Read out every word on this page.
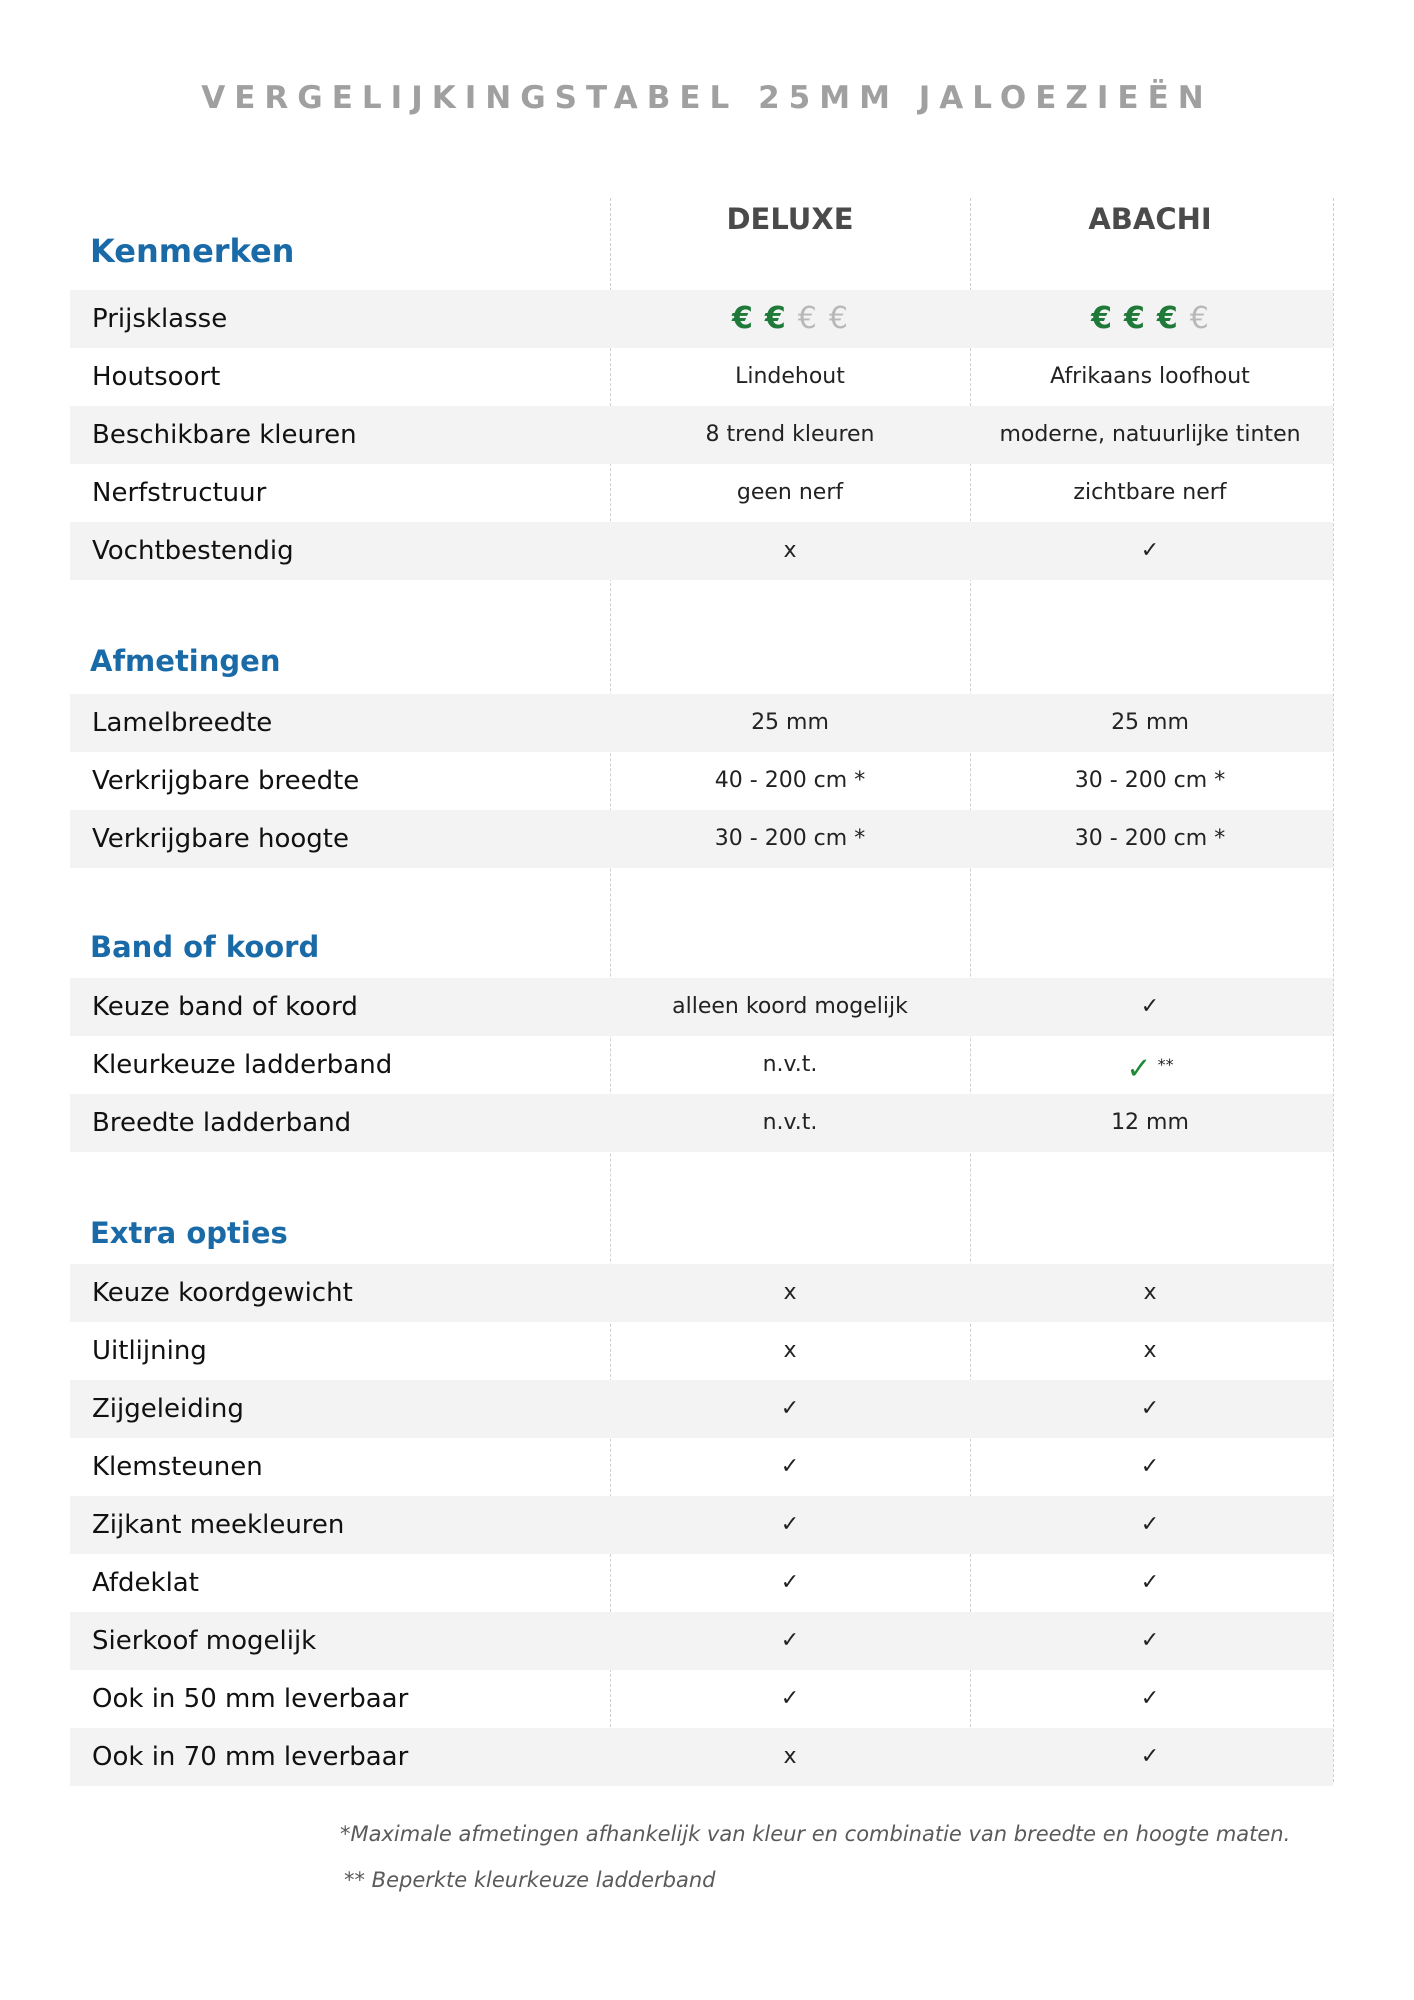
VERGELIJKINGSTABEL 25MM JALOEZIEËN
DELUXE	ABACHI
Kenmerken
Prijsklasse	€ € € €	€ € € €
Houtsoort	Lindehout	Afrikaans loofhout
Beschikbare kleuren	8 trend kleuren	moderne, natuurlijke tinten
Nerfstructuur	geen nerf	zichtbare nerf
Vochtbestendig	x	✓
Afmetingen
Lamelbreedte	25 mm	25 mm
Verkrijgbare breedte	40 - 200 cm *	30 - 200 cm *
Verkrijgbare hoogte	30 - 200 cm *	30 - 200 cm *
Band of koord
Keuze band of koord	alleen koord mogelijk	✓
Kleurkeuze ladderband	n.v.t.	✓ **
Breedte ladderband	n.v.t.	12 mm
Extra opties
Keuze koordgewicht	x	x
Uitlijning	x	x
Zijgeleiding	✓	✓
Klemsteunen	✓	✓
Zijkant meekleuren	✓	✓
Afdeklat	✓	✓
Sierkoof mogelijk	✓	✓
Ook in 50 mm leverbaar	✓	✓
Ook in 70 mm leverbaar	x	✓
*Maximale afmetingen afhankelijk van kleur en combinatie van breedte en hoogte maten.
** Beperkte kleurkeuze ladderband
